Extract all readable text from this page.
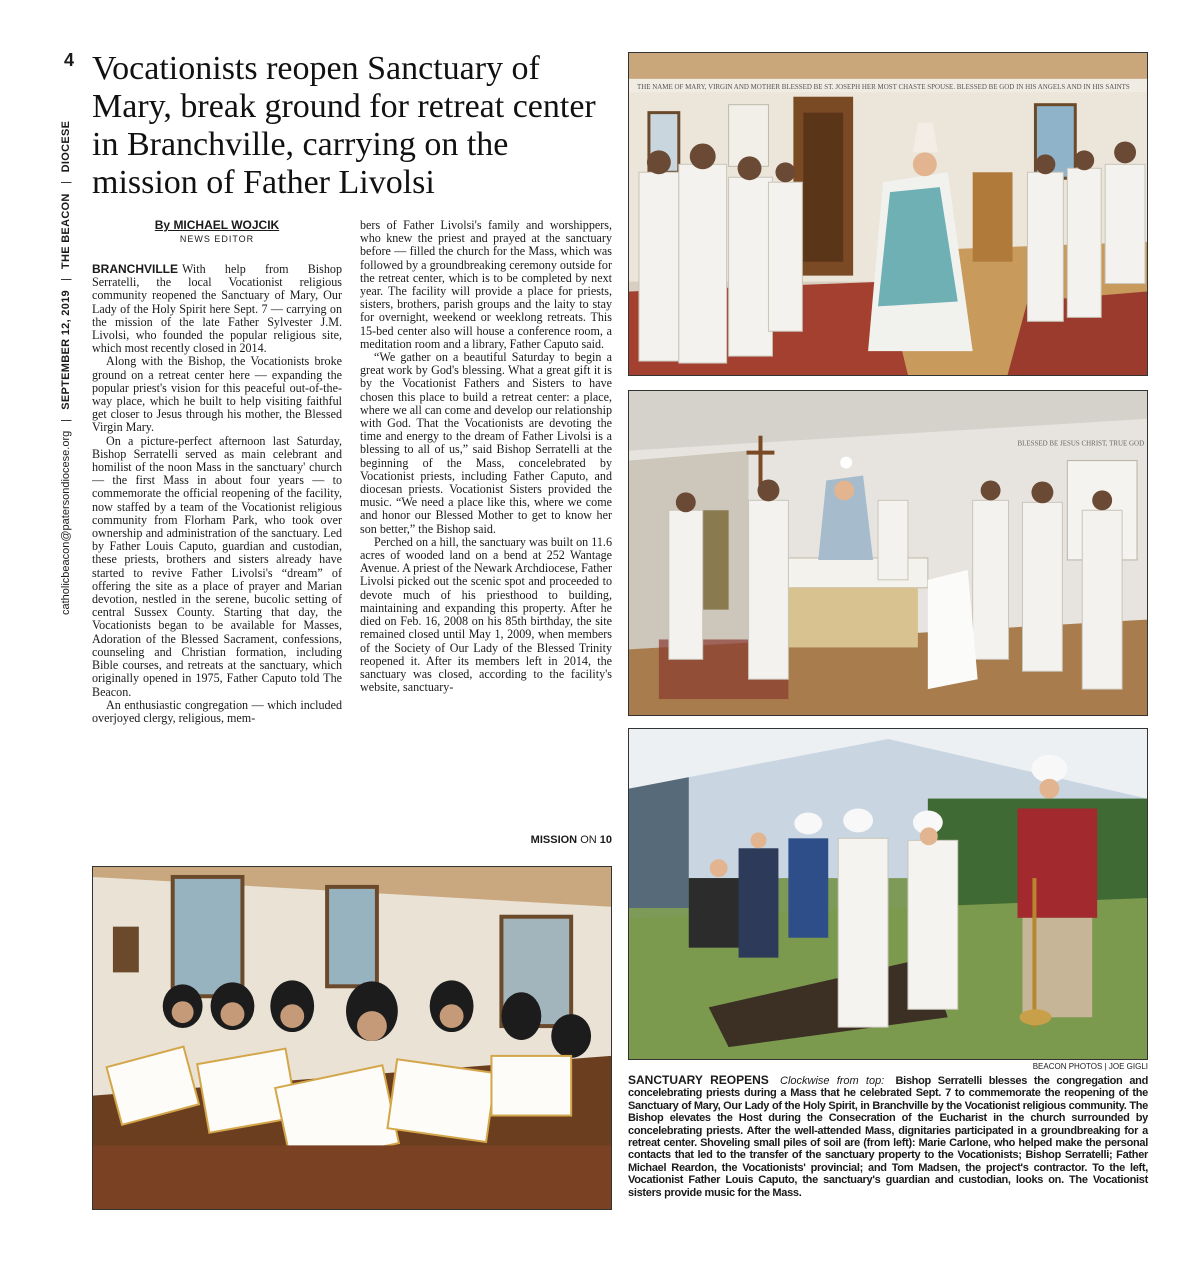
4
catholicbeacon@patersondiocese.org | SEPTEMBER 12, 2019 | THE BEACON | DIOCESE
Vocationists reopen Sanctuary of Mary, break ground for retreat center in Branchville, carrying on the mission of Father Livolsi
By MICHAEL WOJCIK
NEWS EDITOR

BRANCHVILLE With help from Bishop Serratelli, the local Vocationist religious community reopened the Sanctuary of Mary, Our Lady of the Holy Spirit here Sept. 7 — carrying on the mission of the late Father Sylvester J.M. Livolsi, who founded the popular religious site, which most recently closed in 2014.

Along with the Bishop, the Vocationists broke ground on a retreat center here — expanding the popular priest's vision for this peaceful out-of-the-way place, which he built to help visiting faithful get closer to Jesus through his mother, the Blessed Virgin Mary.

On a picture-perfect afternoon last Saturday, Bishop Serratelli served as main celebrant and homilist of the noon Mass in the sanctuary' church — the first Mass in about four years — to commemorate the official reopening of the facility, now staffed by a team of the Vocationist religious community from Florham Park, who took over ownership and administration of the sanctuary. Led by Father Louis Caputo, guardian and custodian, these priests, brothers and sisters already have started to revive Father Livolsi's “dream” of offering the site as a place of prayer and Marian devotion, nestled in the serene, bucolic setting of central Sussex County. Starting that day, the Vocationists began to be available for Masses, Adoration of the Blessed Sacrament, confessions, counseling and Christian formation, including Bible courses, and retreats at the sanctuary, which originally opened in 1975, Father Caputo told The Beacon.

An enthusiastic congregation — which included overjoyed clergy, religious, mem-

bers of Father Livolsi's family and worshippers, who knew the priest and prayed at the sanctuary before — filled the church for the Mass, which was followed by a groundbreaking ceremony outside for the retreat center, which is to be completed by next year. The facility will provide a place for priests, sisters, brothers, parish groups and the laity to stay for overnight, weekend or weeklong retreats. This 15-bed center also will house a conference room, a meditation room and a library, Father Caputo said.

“We gather on a beautiful Saturday to begin a great work by God's blessing. What a great gift it is by the Vocationist Fathers and Sisters to have chosen this place to build a retreat center: a place, where we all can come and develop our relationship with God. That the Vocationists are devoting the time and energy to the dream of Father Livolsi is a blessing to all of us,” said Bishop Serratelli at the beginning of the Mass, concelebrated by Vocationist priests, including Father Caputo, and diocesan priests. Vocationist Sisters provided the music. “We need a place like this, where we come and honor our Blessed Mother to get to know her son better,” the Bishop said.

Perched on a hill, the sanctuary was built on 11.6 acres of wooded land on a bend at 252 Wantage Avenue. A priest of the Newark Archdiocese, Father Livolsi picked out the scenic spot and proceeded to devote much of his priesthood to building, maintaining and expanding this property. After he died on Feb. 16, 2008 on his 85th birthday, the site remained closed until May 1, 2009, when members of the Society of Our Lady of the Blessed Trinity reopened it. After its members left in 2014, the sanctuary was closed, according to the facility's website, sanctuary-

MISSION ON 10
THE NAME OF MARY, VIRGIN AND MOTHER BLESSED BE ST. JOSEPH HER MOST CHASTE SPOUSE. BLESSED BE GOD IN HIS ANGELS AND IN HIS SAINTS
BLESSED BE JESUS CHRIST, TRUE GOD
BEACON PHOTOS | JOE GIGLI
SANCTUARY REOPENS Clockwise from top: Bishop Serratelli blesses the congregation and concelebrating priests during a Mass that he celebrated Sept. 7 to commemorate the reopening of the Sanctuary of Mary, Our Lady of the Holy Spirit, in Branchville by the Vocationist religious community. The Bishop elevates the Host during the Consecration of the Eucharist in the church surrounded by concelebrating priests. After the well-attended Mass, dignitaries participated in a groundbreaking for a retreat center. Shoveling small piles of soil are (from left): Marie Carlone, who helped make the personal contacts that led to the transfer of the sanctuary property to the Vocationists; Bishop Serratelli; Father Michael Reardon, the Vocationists' provincial; and Tom Madsen, the project's contractor. To the left, Vocationist Father Louis Caputo, the sanctuary's guardian and custodian, looks on. The Vocationist sisters provide music for the Mass.
